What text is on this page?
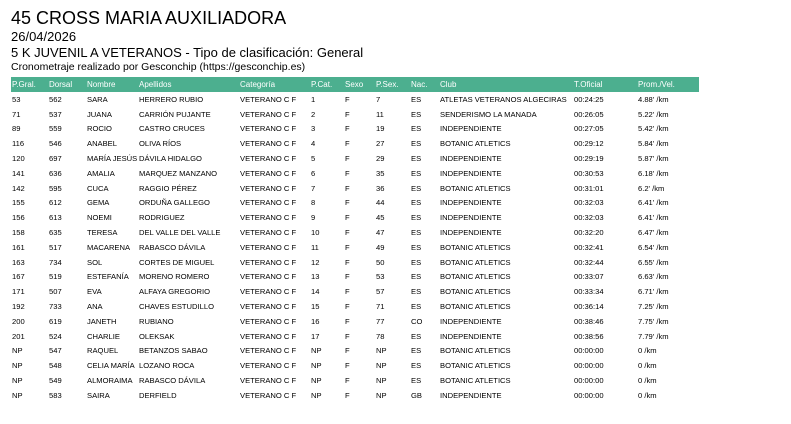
45 CROSS MARIA AUXILIADORA
26/04/2026
5 K JUVENIL A VETERANOS - Tipo de clasificación: General
Cronometraje realizado por Gesconchip (https://gesconchip.es)
P.Gral.	Dorsal	Nombre	Apellidos	Categoría	P.Cat.	Sexo	P.Sex.	Nac.	Club	T.Oficial	Prom./Vel.
53	562	SARA	HERRERO RUBIO	VETERANO C F	1	F	7	ES	ATLETAS VETERANOS ALGECIRAS	00:24:25	4.88' /km
71	537	JUANA	CARRIÓN PUJANTE	VETERANO C F	2	F	11	ES	SENDERISMO LA MANADA	00:26:05	5.22' /km
89	559	ROCIO	CASTRO CRUCES	VETERANO C F	3	F	19	ES	INDEPENDIENTE	00:27:05	5.42' /km
116	546	ANABEL	OLIVA RÍOS	VETERANO C F	4	F	27	ES	BOTANIC ATLETICS	00:29:12	5.84' /km
120	697	MARÍA JESÚS	DÁVILA HIDALGO	VETERANO C F	5	F	29	ES	INDEPENDIENTE	00:29:19	5.87' /km
141	636	AMALIA	MARQUEZ MANZANO	VETERANO C F	6	F	35	ES	INDEPENDIENTE	00:30:53	6.18' /km
142	595	CUCA	RAGGIO PÉREZ	VETERANO C F	7	F	36	ES	BOTANIC ATLETICS	00:31:01	6.2' /km
155	612	GEMA	ORDUÑA GALLEGO	VETERANO C F	8	F	44	ES	INDEPENDIENTE	00:32:03	6.41' /km
156	613	NOEMI	RODRIGUEZ	VETERANO C F	9	F	45	ES	INDEPENDIENTE	00:32:03	6.41' /km
158	635	TERESA	DEL VALLE DEL VALLE	VETERANO C F	10	F	47	ES	INDEPENDIENTE	00:32:20	6.47' /km
161	517	MACARENA	RABASCO DÁVILA	VETERANO C F	11	F	49	ES	BOTANIC ATLETICS	00:32:41	6.54' /km
163	734	SOL	CORTES DE MIGUEL	VETERANO C F	12	F	50	ES	BOTANIC ATLETICS	00:32:44	6.55' /km
167	519	ESTEFANÍA	MORENO ROMERO	VETERANO C F	13	F	53	ES	BOTANIC ATLETICS	00:33:07	6.63' /km
171	507	EVA	ALFAYA GREGORIO	VETERANO C F	14	F	57	ES	BOTANIC ATLETICS	00:33:34	6.71' /km
192	733	ANA	CHAVES ESTUDILLO	VETERANO C F	15	F	71	ES	BOTANIC ATLETICS	00:36:14	7.25' /km
200	619	JANETH	RUBIANO	VETERANO C F	16	F	77	CO	INDEPENDIENTE	00:38:46	7.75' /km
201	524	CHARLIE	OLEKSAK	VETERANO C F	17	F	78	ES	INDEPENDIENTE	00:38:56	7.79' /km
NP	547	RAQUEL	BETANZOS SABAO	VETERANO C F	NP	F	NP	ES	BOTANIC ATLETICS	00:00:00	0 /km
NP	548	CELIA MARÍA	LOZANO ROCA	VETERANO C F	NP	F	NP	ES	BOTANIC ATLETICS	00:00:00	0 /km
NP	549	ALMORAIMA	RABASCO DÁVILA	VETERANO C F	NP	F	NP	ES	BOTANIC ATLETICS	00:00:00	0 /km
NP	583	SAIRA	DERFIELD	VETERANO C F	NP	F	NP	GB	INDEPENDIENTE	00:00:00	0 /km
